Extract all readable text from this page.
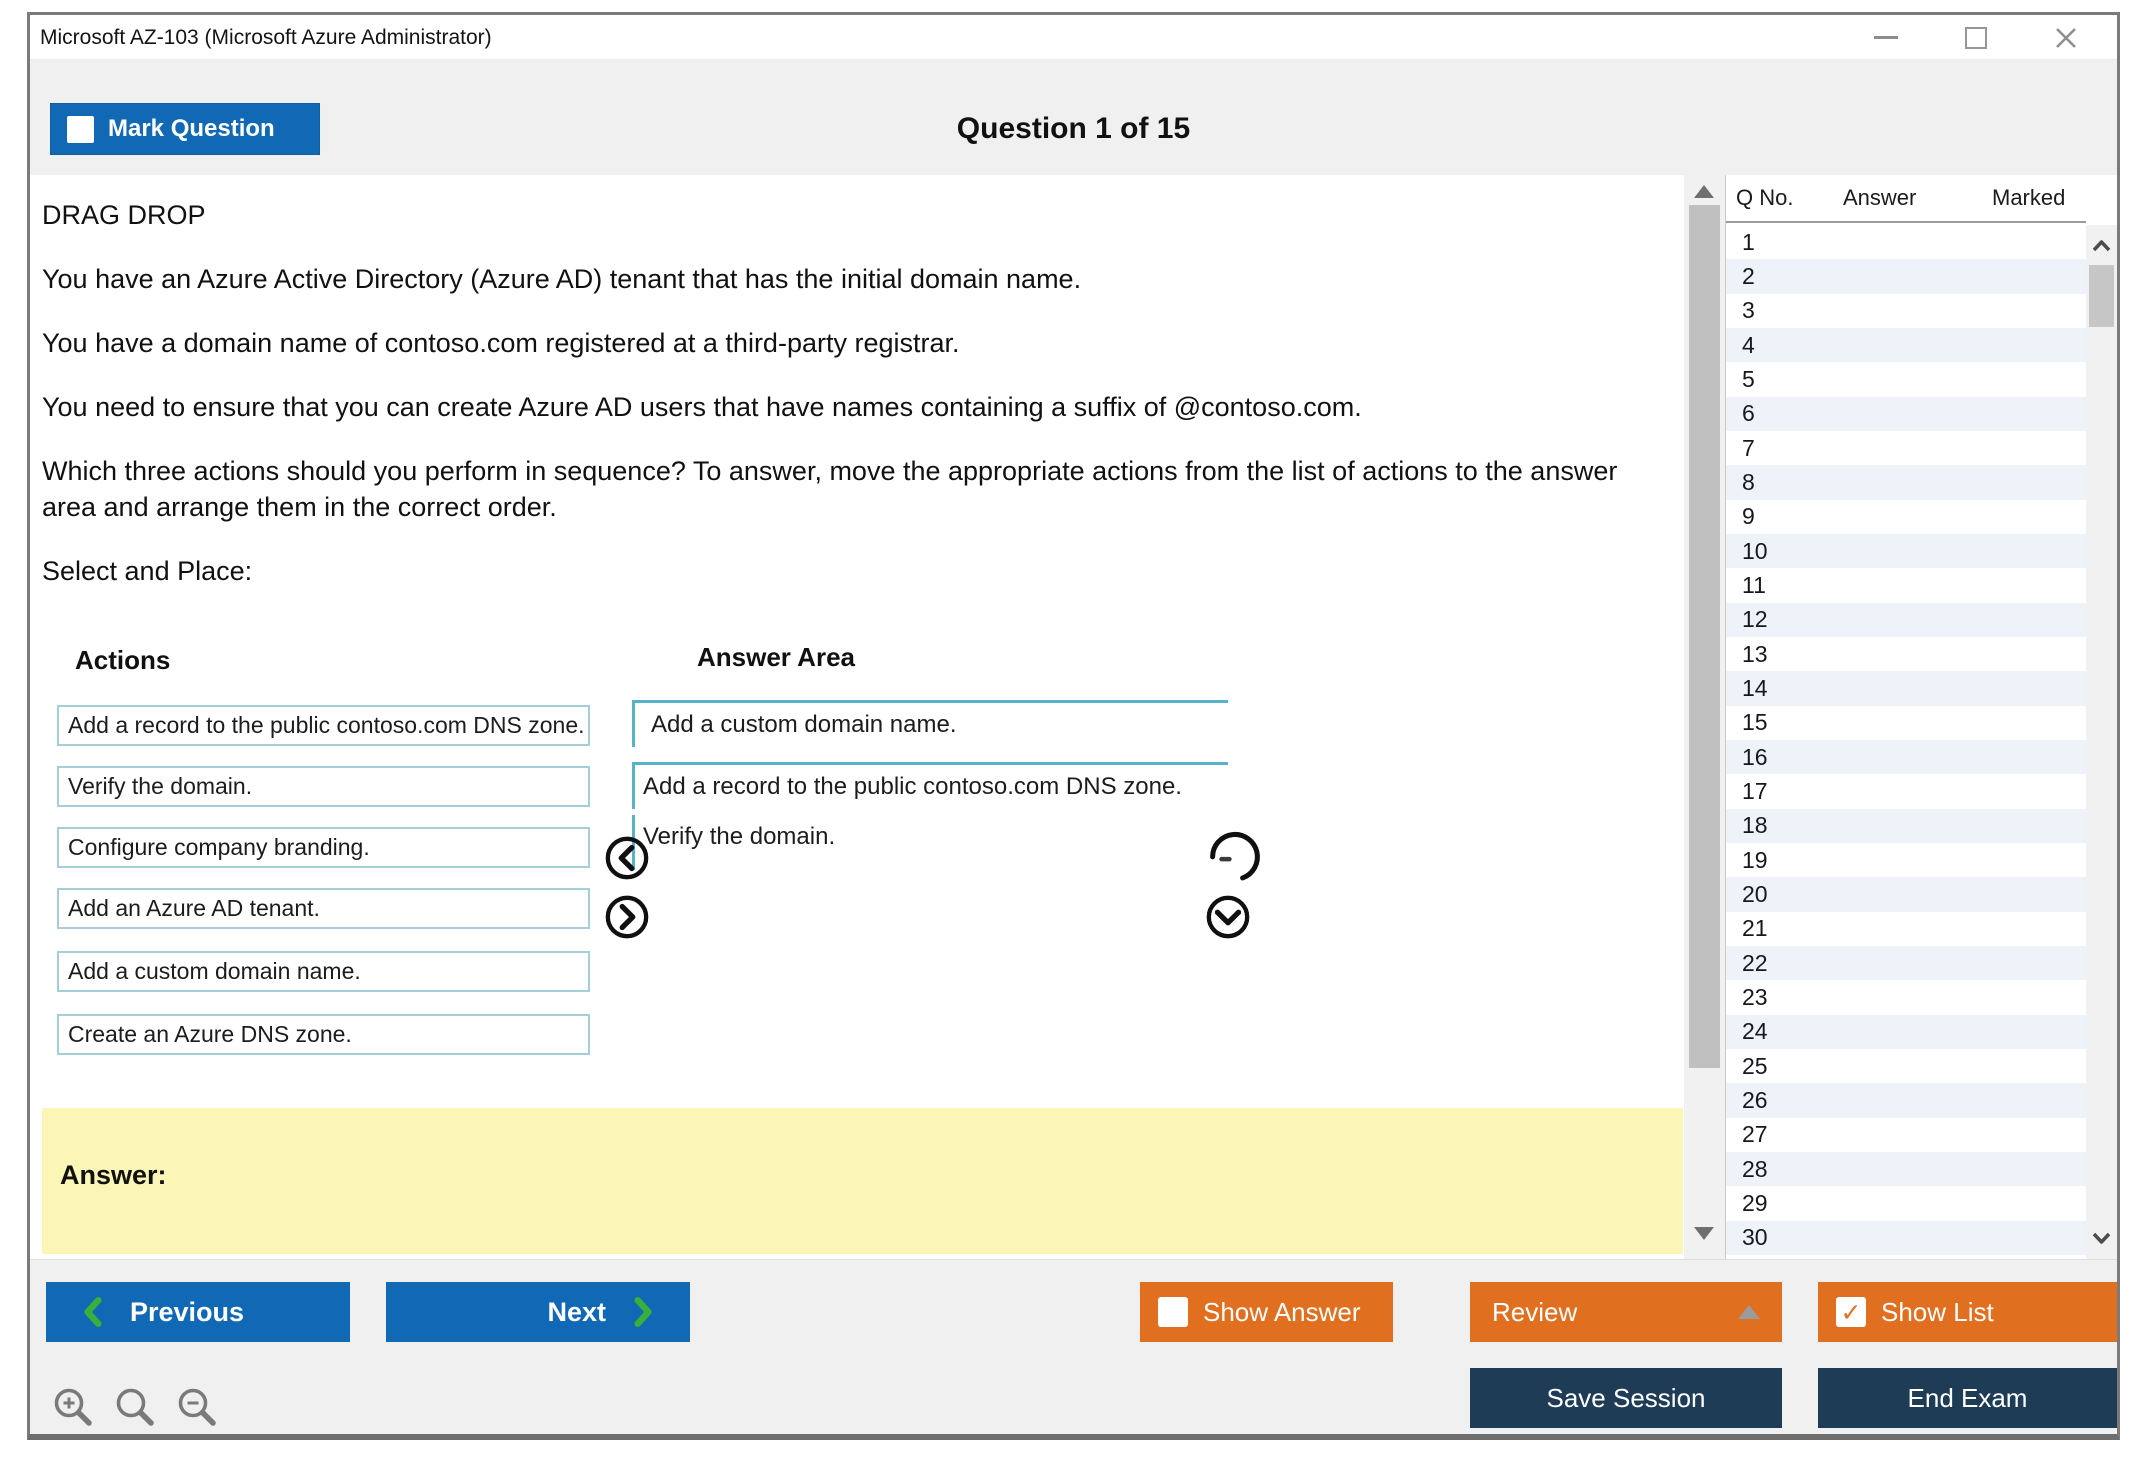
Microsoft AZ-103 (Microsoft Azure Administrator)
Mark Question	Question 1 of 15

DRAG DROP

You have an Azure Active Directory (Azure AD) tenant that has the initial domain name.

You have a domain name of contoso.com registered at a third-party registrar.

You need to ensure that you can create Azure AD users that have names containing a suffix of @contoso.com.

Which three actions should you perform in sequence? To answer, move the appropriate actions from the list of actions to the answer area and arrange them in the correct order.

Select and Place:

Actions	Answer Area
Add a record to the public contoso.com DNS zone.
Verify the domain.
Configure company branding.
Add an Azure AD tenant.
Add a custom domain name.
Create an Azure DNS zone.
Add a custom domain name.
Add a record to the public contoso.com DNS zone.
Verify the domain.
Answer:
Q No. Answer	Marked
1
2
3
4
5
6
7
8
9
10
11
12
13
14
15
16
17
18
19
20
21
22
23
24
25
26
27
28
29
30
Previous	Next	Show Answer	Review	✓ Show List
Save Session	End Exam
